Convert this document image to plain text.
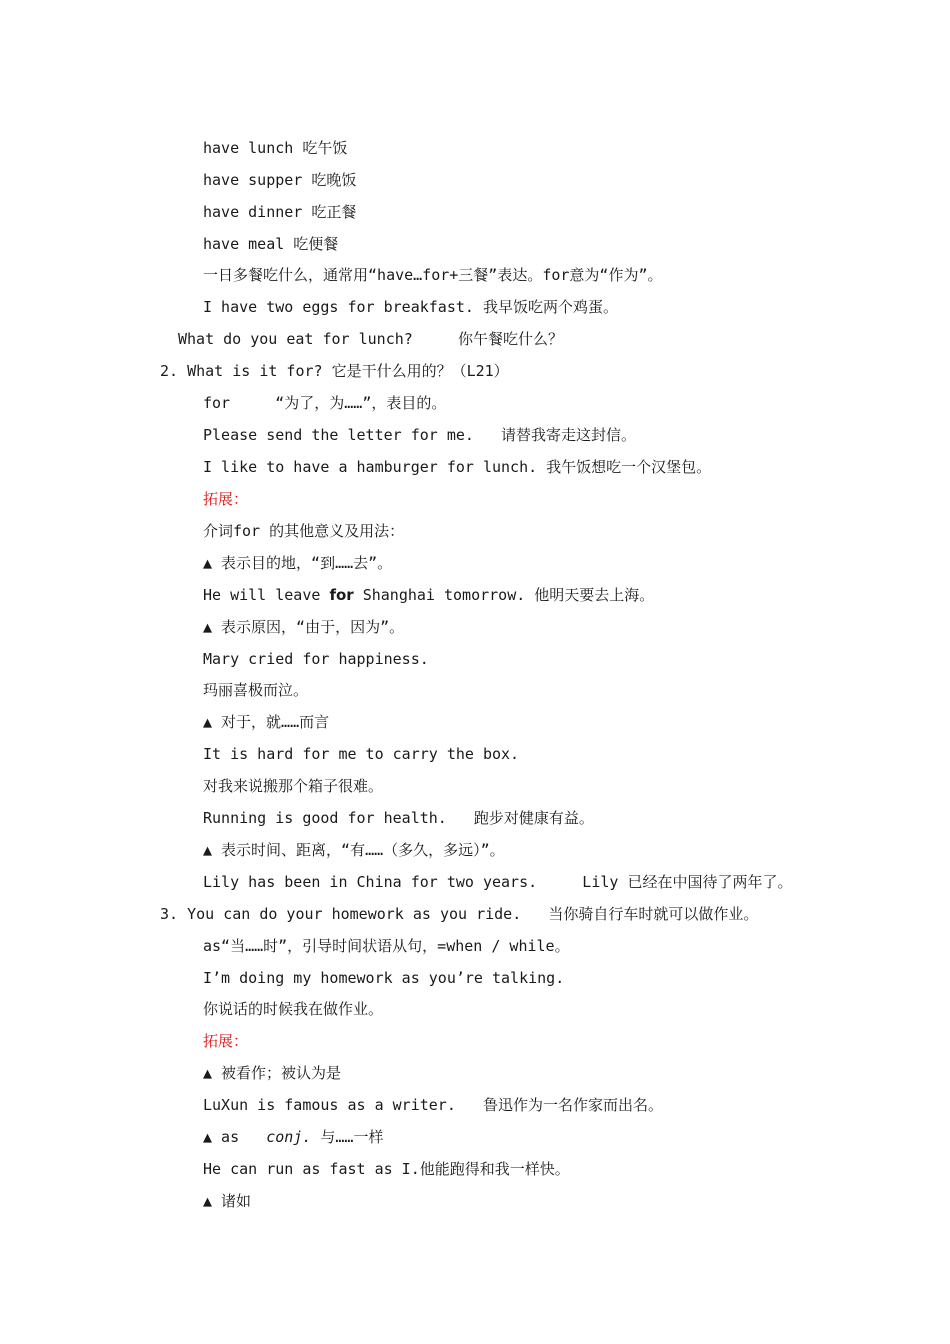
have lunch 吃午饭
have supper 吃晚饭
have dinner 吃正餐
have meal 吃便餐
一日多餐吃什么，通常用“have…for+三餐”表达。for意为“作为”。
I have two eggs for breakfast. 我早饭吃两个鸡蛋。
What do you eat for lunch?     你午餐吃什么？
2. What is it for? 它是干什么用的？（L21）
for     “为了，为……”，表目的。
Please send the letter for me.   请替我寄走这封信。
I like to have a hamburger for lunch. 我午饭想吃一个汉堡包。
拓展：
介词for 的其他意义及用法：
▲ 表示目的地，“到……去”。
He will leave for Shanghai tomorrow. 他明天要去上海。
▲ 表示原因，“由于，因为”。
Mary cried for happiness.
玛丽喜极而泣。
▲ 对于，就……而言
It is hard for me to carry the box.
对我来说搬那个箱子很难。
Running is good for health.   跑步对健康有益。
▲ 表示时间、距离，“有……（多久，多远）”。
Lily has been in China for two years.     Lily 已经在中国待了两年了。
3. You can do your homework as you ride.   当你骑自行车时就可以做作业。
as“当……时”，引导时间状语从句，=when / while。
I’m doing my homework as you’re talking.
你说话的时候我在做作业。
拓展：
▲ 被看作；被认为是
LuXun is famous as a writer.   鲁迅作为一名作家而出名。
▲ as   conj. 与……一样
He can run as fast as I.他能跑得和我一样快。
▲ 诸如
